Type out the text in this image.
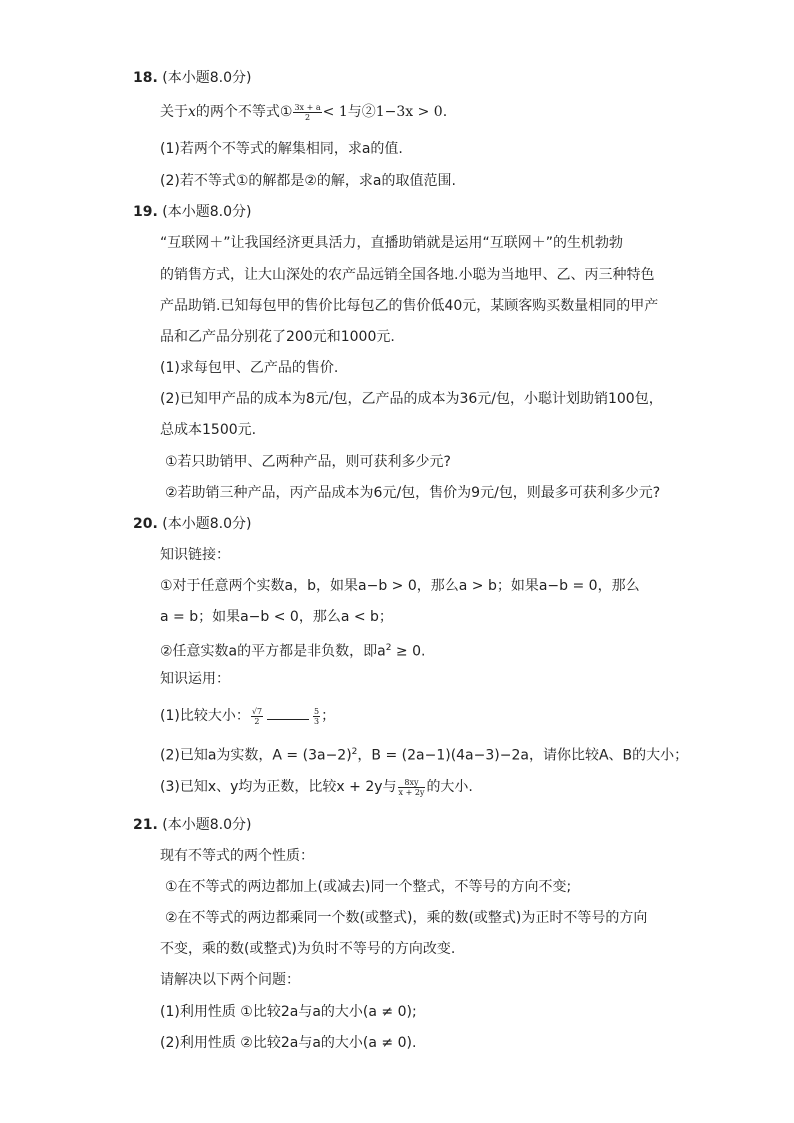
18. (本小题8.0分)
关于x的两个不等式① $\frac{3x + a}{2} < 1$与②1−3x > 0.
(1)若两个不等式的解集相同，求a的值.
(2)若不等式①的解都是②的解，求a的取值范围.
19. (本小题8.0分)
“互联网＋”让我国经济更具活力，直播助销就是运用“互联网＋”的生机勃勃
的销售方式，让大山深处的农产品远销全国各地.小聪为当地甲、乙、丙三种特色
产品助销.已知每包甲的售价比每包乙的售价低40元，某顾客购买数量相同的甲产
品和乙产品分别花了200元和1000元.
(1)求每包甲、乙产品的售价.
(2)已知甲产品的成本为8元/包，乙产品的成本为36元/包，小聪计划助销100包，
总成本1500元.
①若只助销甲、乙两种产品，则可获利多少元?
②若助销三种产品，丙产品成本为6元/包，售价为9元/包，则最多可获利多少元?
20. (本小题8.0分)
知识链接：
①对于任意两个实数a，b，如果a−b > 0，那么a > b；如果a−b = 0，那么
a = b；如果a−b < 0，那么a < b；
②任意实数a的平方都是非负数，即$a^2 \ge 0$.
知识运用：
(1)比较大小： $\frac{√7}{2}$	$\frac{5}{3}$ ；
(2)已知a为实数，$A = (3a-2)^2$，B = (2a−1)(4a−3)−2a，请你比较A、B的大小；
(3)已知x、y均为正数，比较x + 2y与 $\frac{8xy}{x + 2y}$ 的大小.
21. (本小题8.0分)
现有不等式的两个性质：
①在不等式的两边都加上(或减去)同一个整式，不等号的方向不变;
②在不等式的两边都乘同一个数(或整式)，乘的数(或整式)为正时不等号的方向
不变，乘的数(或整式)为负时不等号的方向改变.
请解决以下两个问题：
(1)利用性质 ①比较2a与a的大小(a ≠ 0);
(2)利用性质 ②比较2a与a的大小(a ≠ 0).
